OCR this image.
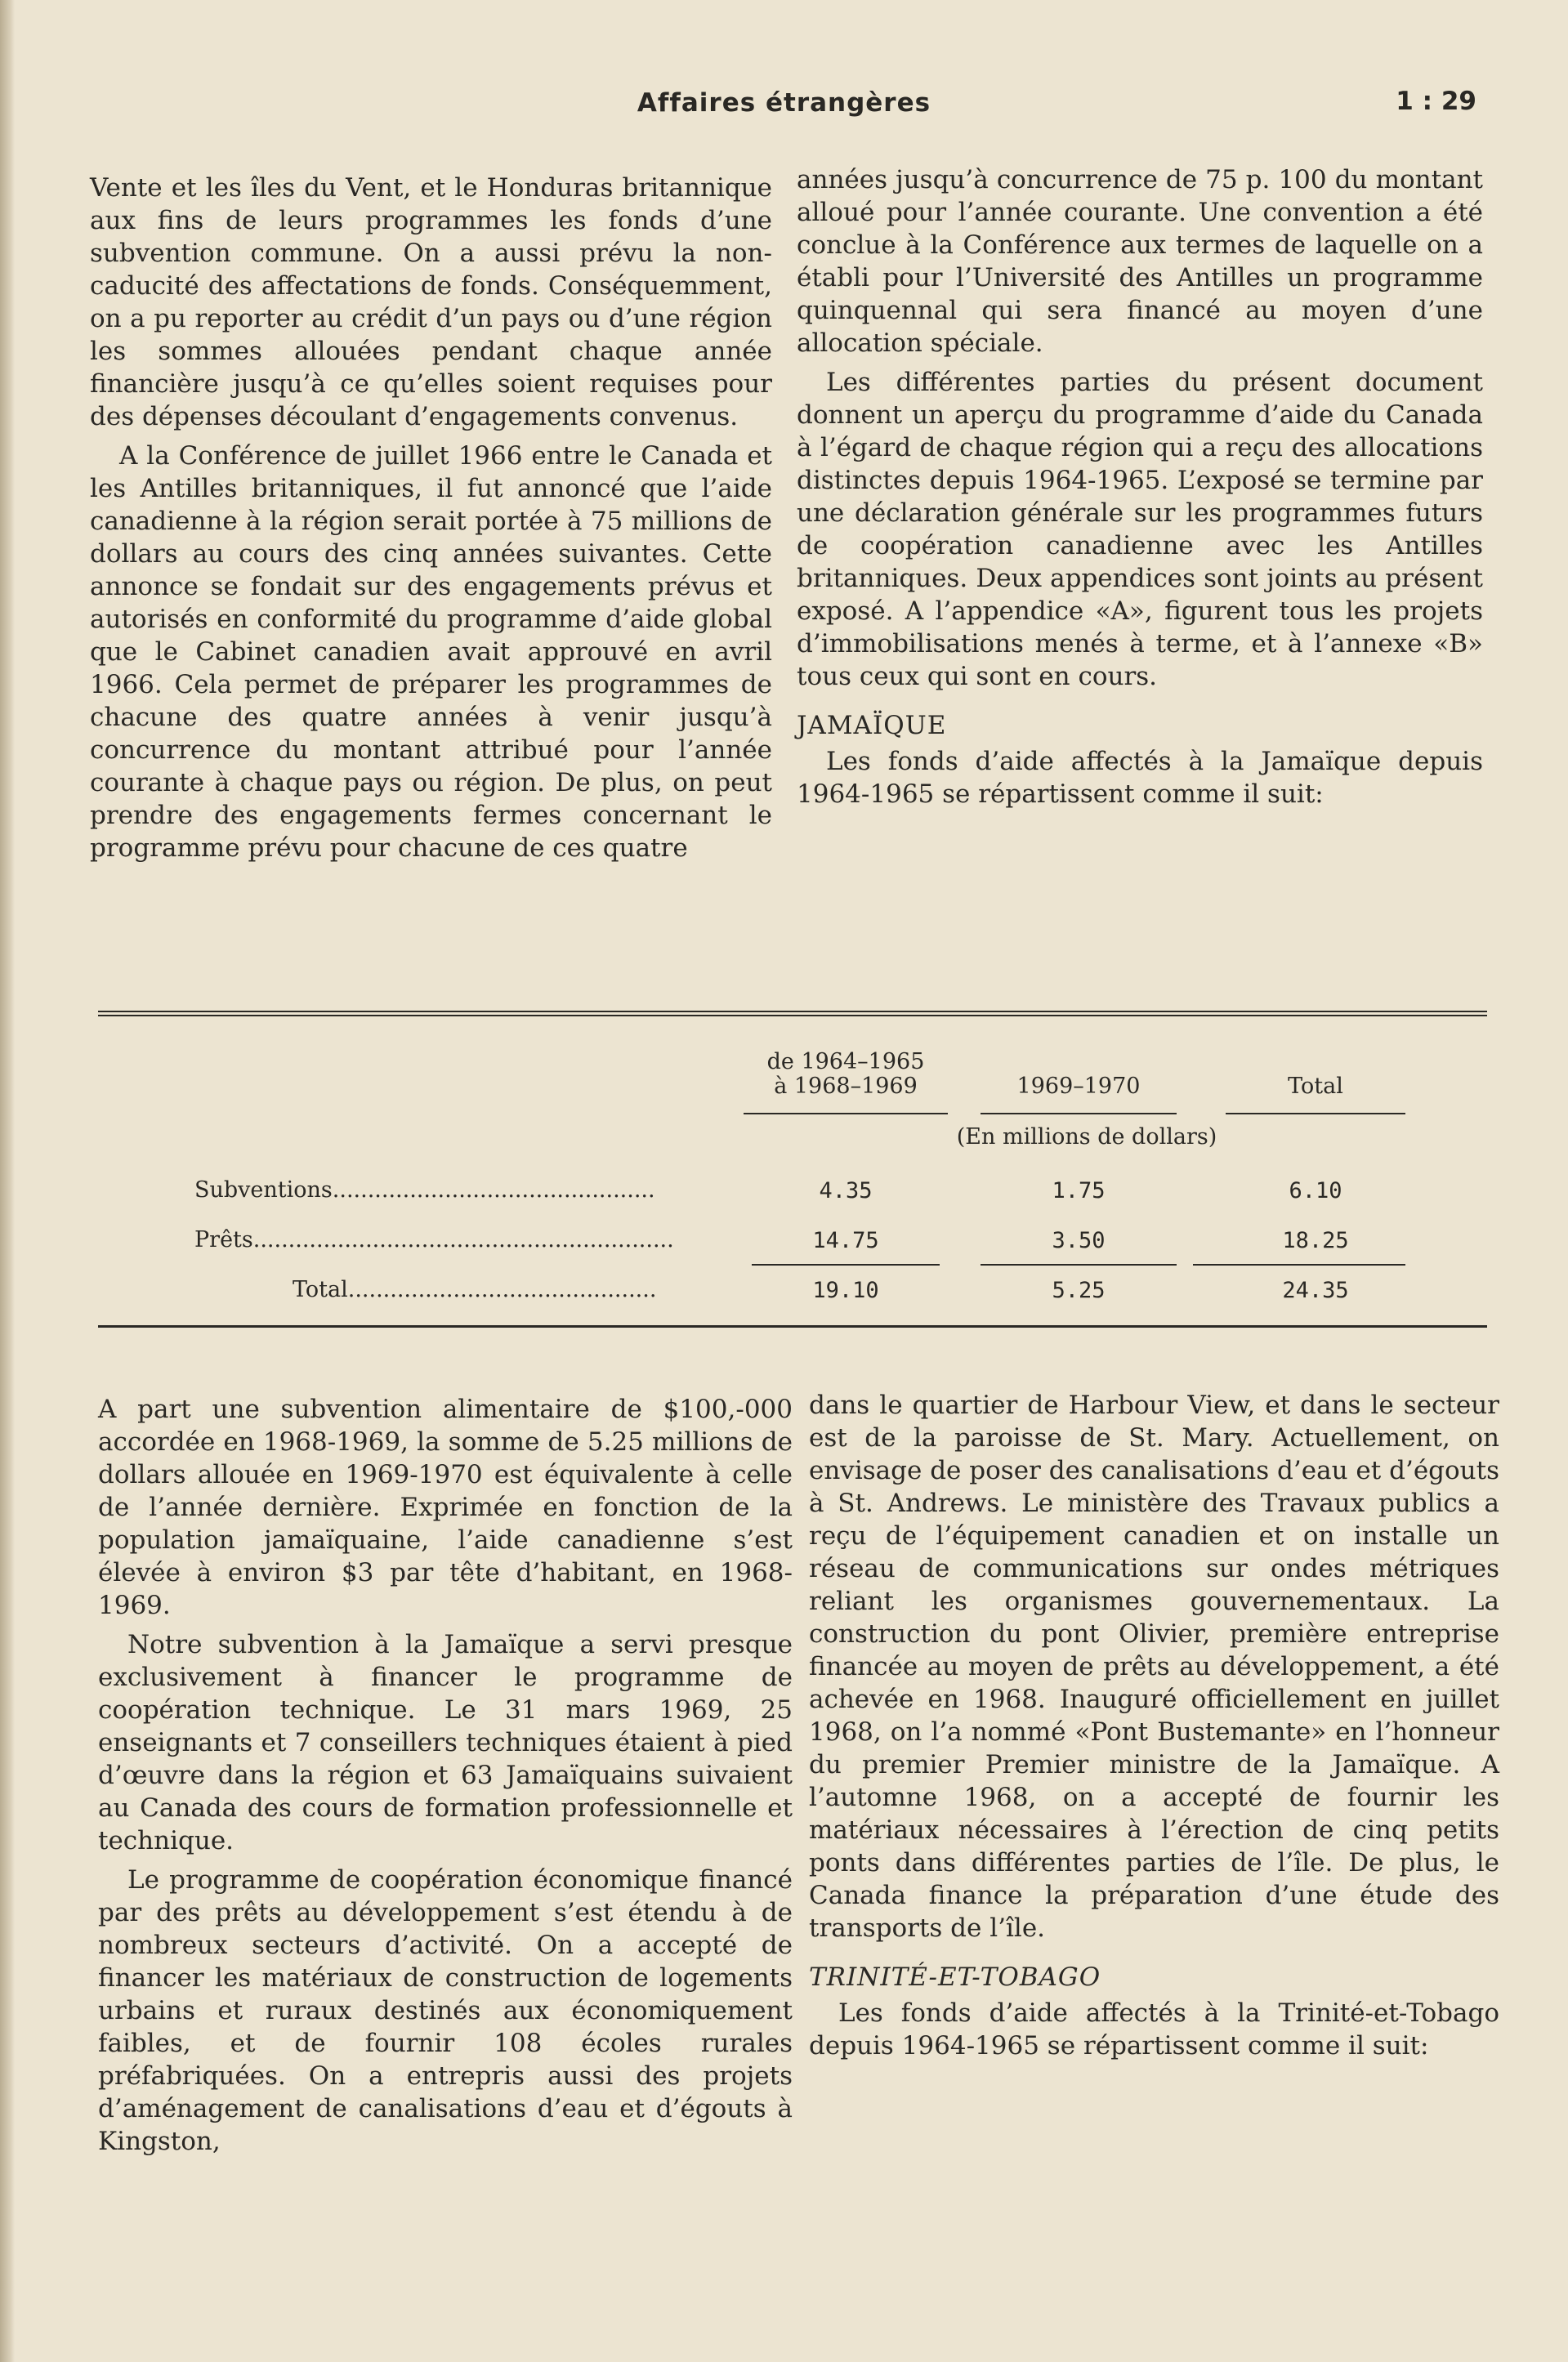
Affaires étrangères	1 : 29

Vente et les îles du Vent, et le Honduras britannique aux fins de leurs programmes les fonds d’une subvention commune. On a aussi prévu la non-caducité des affectations de fonds. Conséquemment, on a pu reporter au crédit d’un pays ou d’une région les sommes allouées pendant chaque année financière jusqu’à ce qu’elles soient requises pour des dépenses découlant d’engagements convenus.

A la Conférence de juillet 1966 entre le Canada et les Antilles britanniques, il fut annoncé que l’aide canadienne à la région serait portée à 75 millions de dollars au cours des cinq années suivantes. Cette annonce se fondait sur des engagements prévus et autorisés en conformité du programme d’aide global que le Cabinet canadien avait approuvé en avril 1966. Cela permet de préparer les programmes de chacune des quatre années à venir jusqu’à concurrence du montant attribué pour l’année courante à chaque pays ou région. De plus, on peut prendre des engagements fermes concernant le programme prévu pour chacune de ces quatre

années jusqu’à concurrence de 75 p. 100 du montant alloué pour l’année courante. Une convention a été conclue à la Conférence aux termes de laquelle on a établi pour l’Université des Antilles un programme quinquennal qui sera financé au moyen d’une allocation spéciale.

Les différentes parties du présent document donnent un aperçu du programme d’aide du Canada à l’égard de chaque région qui a reçu des allocations distinctes depuis 1964-1965. L’exposé se termine par une déclaration générale sur les programmes futurs de coopération canadienne avec les Antilles britanniques. Deux appendices sont joints au présent exposé. A l’appendice «A», figurent tous les projets d’immobilisations menés à terme, et à l’annexe «B» tous ceux qui sont en cours.

JAMAÏQUE

Les fonds d’aide affectés à la Jamaïque depuis 1964-1965 se répartissent comme il suit:

de 1964–1965
à 1968–1969	1969–1970	Total
(En millions de dollars)
Subventions..............................................	4.35	1.75	6.10
Prêts............................................................	14.75	3.50	18.25
Total............................................	19.10	5.25	24.35

A part une subvention alimentaire de $100,-000 accordée en 1968-1969, la somme de 5.25 millions de dollars allouée en 1969-1970 est équivalente à celle de l’année dernière. Exprimée en fonction de la population jamaïquaine, l’aide canadienne s’est élevée à environ $3 par tête d’habitant, en 1968-1969.

Notre subvention à la Jamaïque a servi presque exclusivement à financer le programme de coopération technique. Le 31 mars 1969, 25 enseignants et 7 conseillers techniques étaient à pied d’œuvre dans la région et 63 Jamaïquains suivaient au Canada des cours de formation professionnelle et technique.

Le programme de coopération économique financé par des prêts au développement s’est étendu à de nombreux secteurs d’activité. On a accepté de financer les matériaux de construction de logements urbains et ruraux destinés aux économiquement faibles, et de fournir 108 écoles rurales préfabriquées. On a entrepris aussi des projets d’aménagement de canalisations d’eau et d’égouts à Kingston,

dans le quartier de Harbour View, et dans le secteur est de la paroisse de St. Mary. Actuellement, on envisage de poser des canalisations d’eau et d’égouts à St. Andrews. Le ministère des Travaux publics a reçu de l’équipement canadien et on installe un réseau de communications sur ondes métriques reliant les organismes gouvernementaux. La construction du pont Olivier, première entreprise financée au moyen de prêts au développement, a été achevée en 1968. Inauguré officiellement en juillet 1968, on l’a nommé «Pont Bustemante» en l’honneur du premier Premier ministre de la Jamaïque. A l’automne 1968, on a accepté de fournir les matériaux nécessaires à l’érection de cinq petits ponts dans différentes parties de l’île. De plus, le Canada finance la préparation d’une étude des transports de l’île.

TRINITÉ-ET-TOBAGO

Les fonds d’aide affectés à la Trinité-et-Tobago depuis 1964-1965 se répartissent comme il suit:
